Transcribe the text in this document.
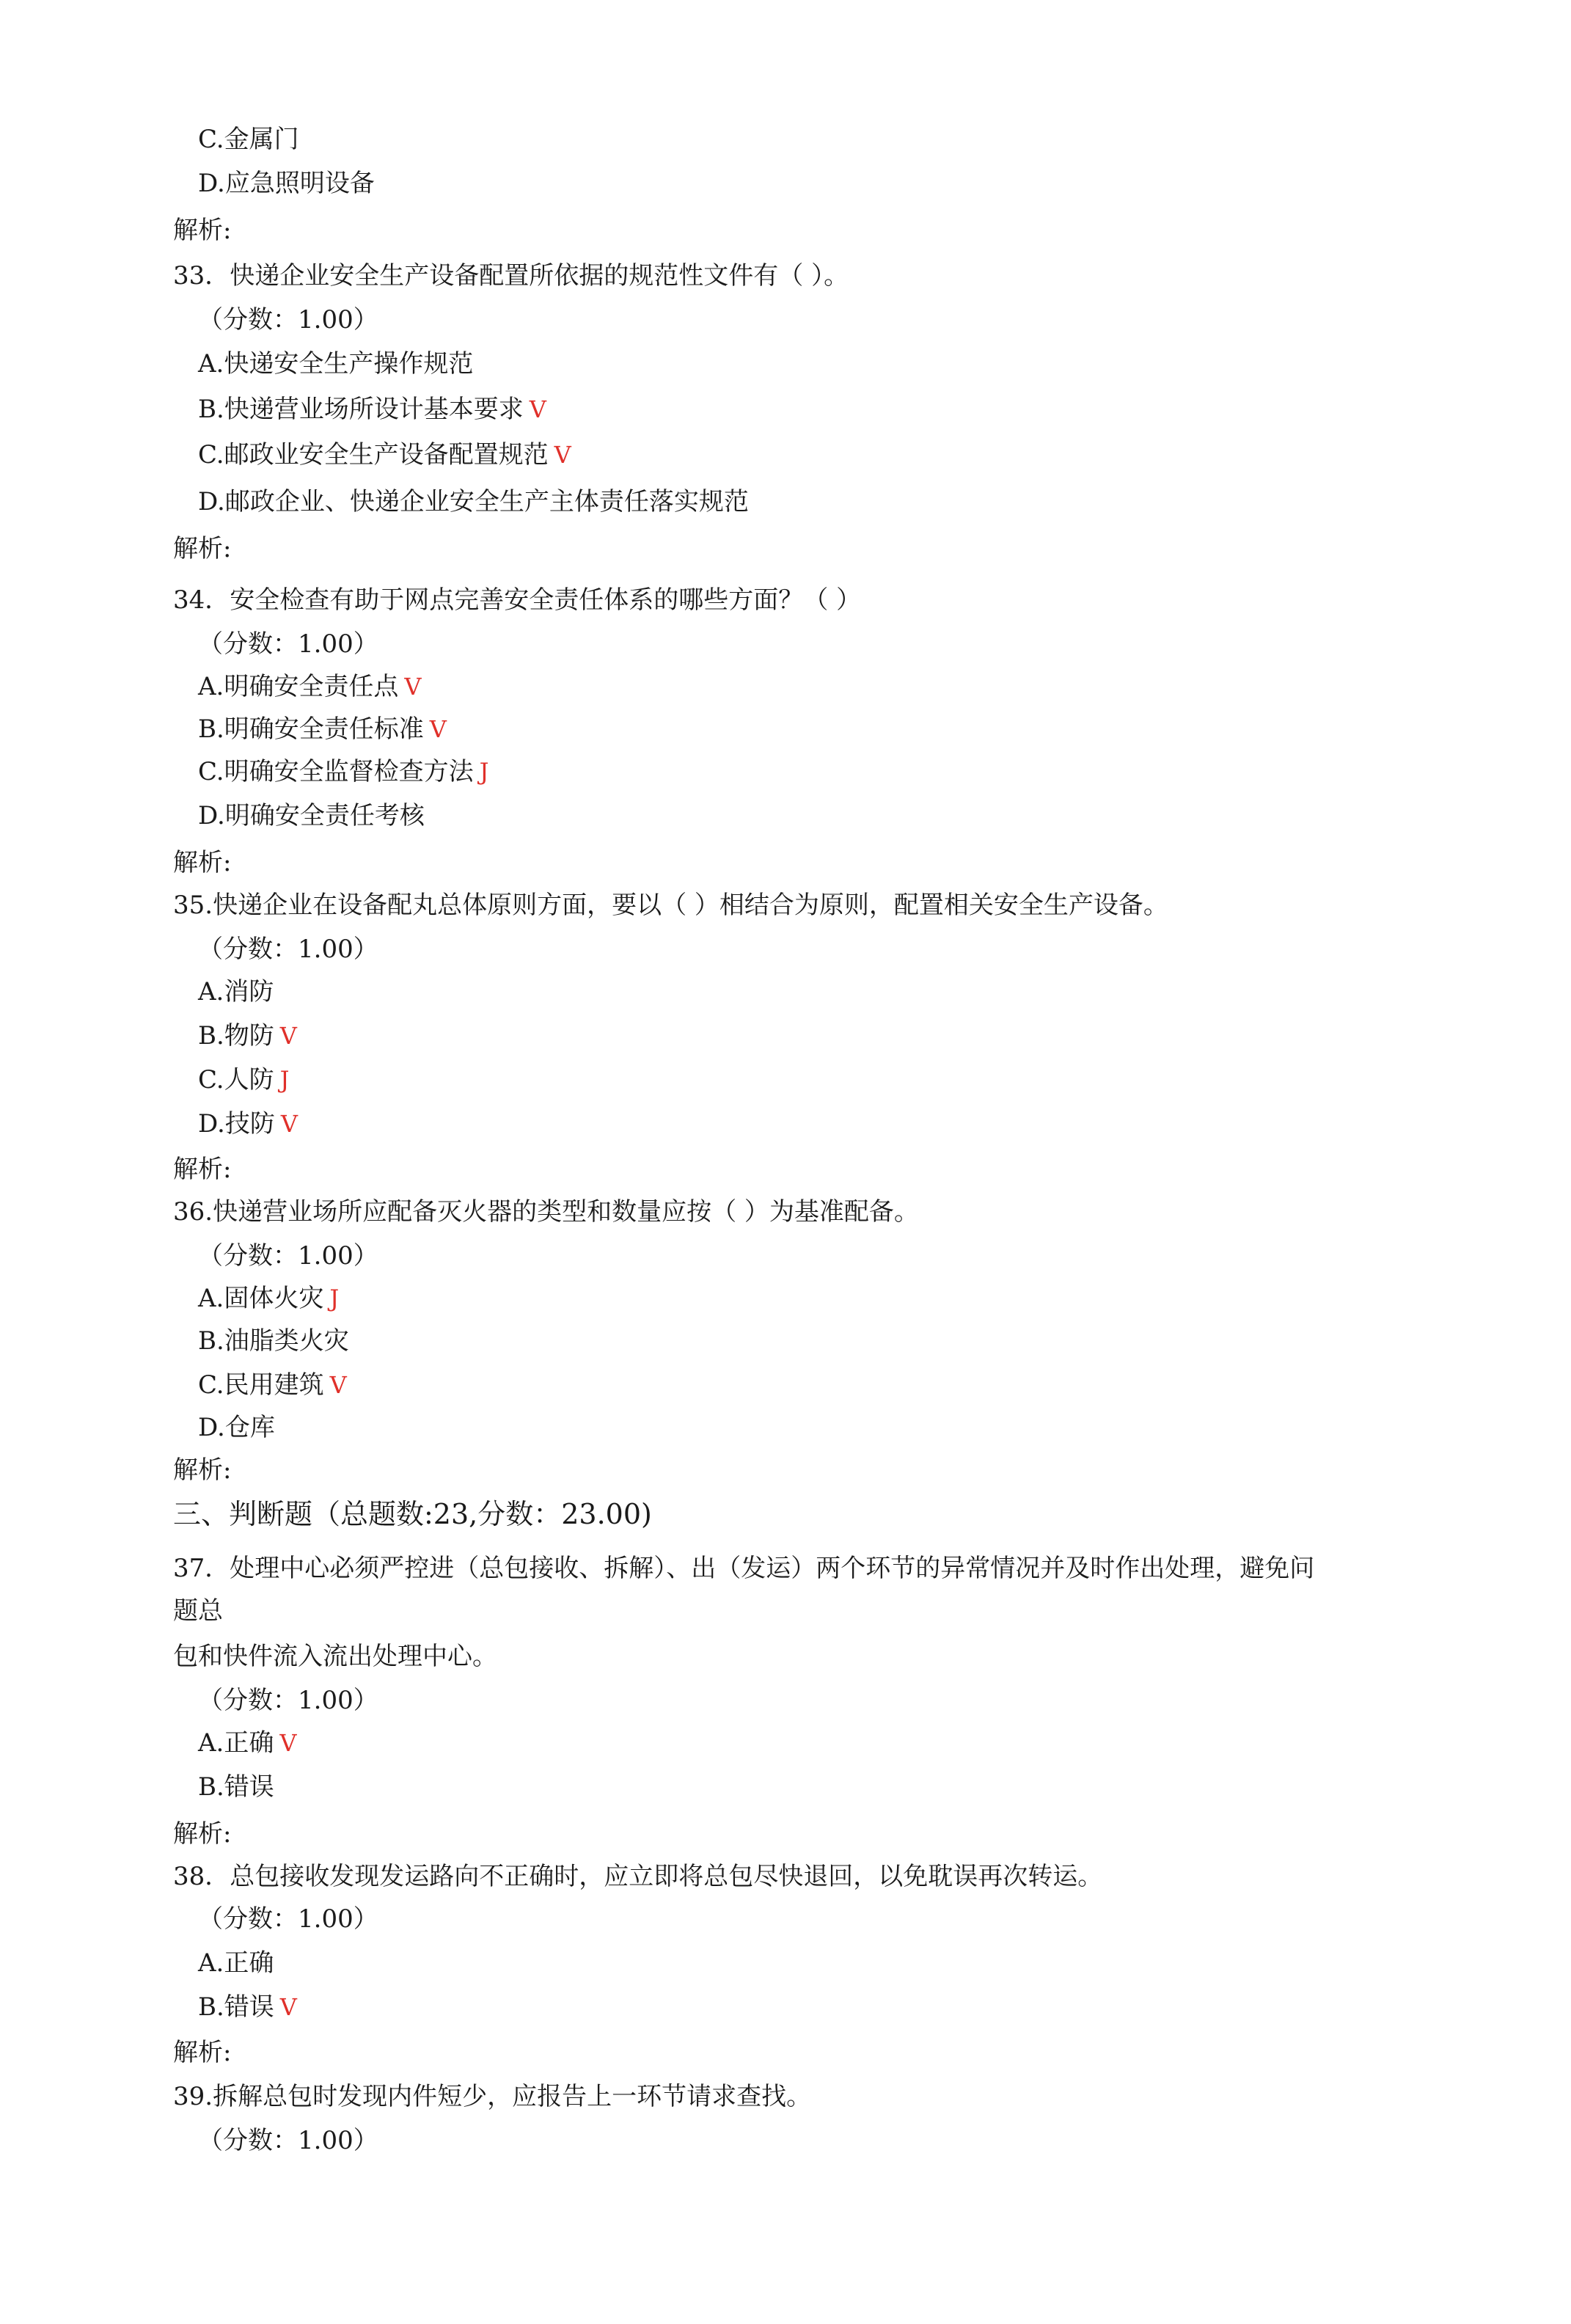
C.金属门
D.应急照明设备
解析:
33．快递企业安全生产设备配置所依据的规范性文件有（ ）。
（分数：1.00）
A.快递安全生产操作规范
B.快递营业场所设计基本要求 V
C.邮政业安全生产设备配置规范 V
D.邮政企业、快递企业安全生产主体责任落实规范
解析:
34．安全检查有助于网点完善安全责任体系的哪些方面？（ ）
（分数：1.00）
A.明确安全责任点 V
B.明确安全责任标准 V
C.明确安全监督检查方法 J
D.明确安全责任考核
解析:
35.快递企业在设备配丸总体原则方面，要以（ ）相结合为原则，配置相关安全生产设备。
（分数：1.00）
A.消防
B.物防 V
C.人防 J
D.技防 V
解析:
36.快递营业场所应配备灭火器的类型和数量应按（ ）为基准配备。
（分数：1.00）
A.固体火灾 J
B.油脂类火灾
C.民用建筑 V
D.仓库
解析:
三、判断题（总题数:23,分数：23.00)
37．处理中心必须严控进（总包接收、拆解）、出（发运）两个环节的异常情况并及时作出处理，避免问
题总
包和快件流入流出处理中心。
（分数：1.00）
A.正确 V
B.错误
解析:
38．总包接收发现发运路向不正确时，应立即将总包尽快退回，以免耽误再次转运。
（分数：1.00）
A.正确
B.错误 V
解析:
39.拆解总包时发现内件短少，应报告上一环节请求查找。
（分数：1.00）
